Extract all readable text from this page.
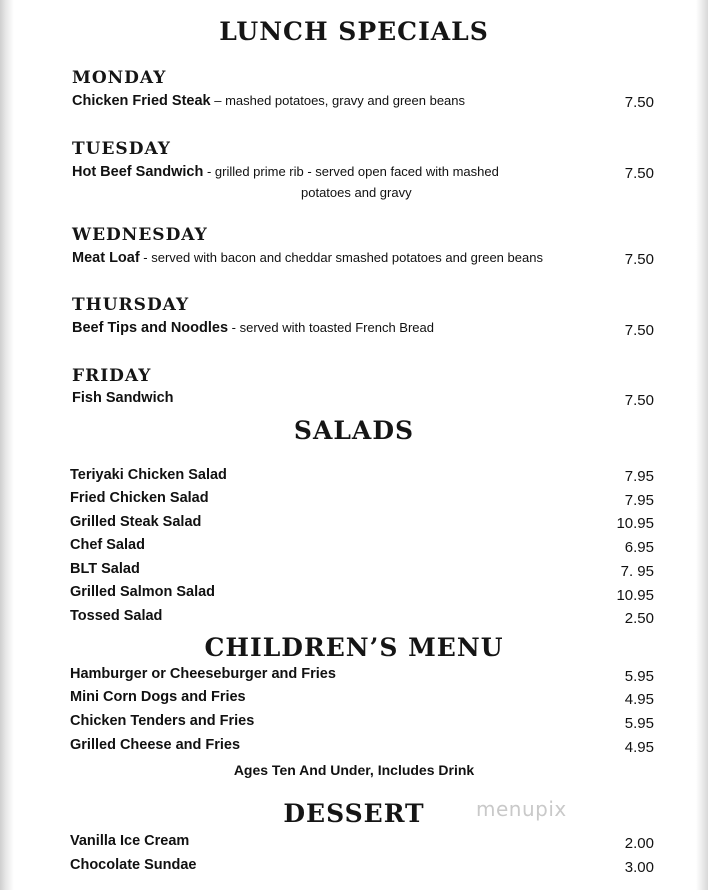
LUNCH SPECIALS
MONDAY
Chicken Fried Steak – mashed potatoes, gravy and green beans	7.50
TUESDAY
Hot Beef Sandwich - grilled prime rib - served open faced with mashed
potatoes and gravy
7.50
WEDNESDAY
Meat Loaf - served with bacon and cheddar smashed potatoes and green beans	7.50
THURSDAY
Beef Tips and Noodles - served with toasted French Bread	7.50
FRIDAY
Fish Sandwich	7.50
SALADS
Teriyaki Chicken Salad	7.95
Fried Chicken Salad	7.95
Grilled Steak Salad	10.95
Chef Salad	6.95
BLT Salad	7. 95
Grilled Salmon Salad	10.95
Tossed Salad	2.50
CHILDREN’S MENU
Hamburger or Cheeseburger and Fries	5.95
Mini Corn Dogs and Fries	4.95
Chicken Tenders and Fries	5.95
Grilled Cheese and Fries	4.95
Ages Ten And Under, Includes Drink
DESSERT	menupix
Vanilla Ice Cream	2.00
Chocolate Sundae	3.00
